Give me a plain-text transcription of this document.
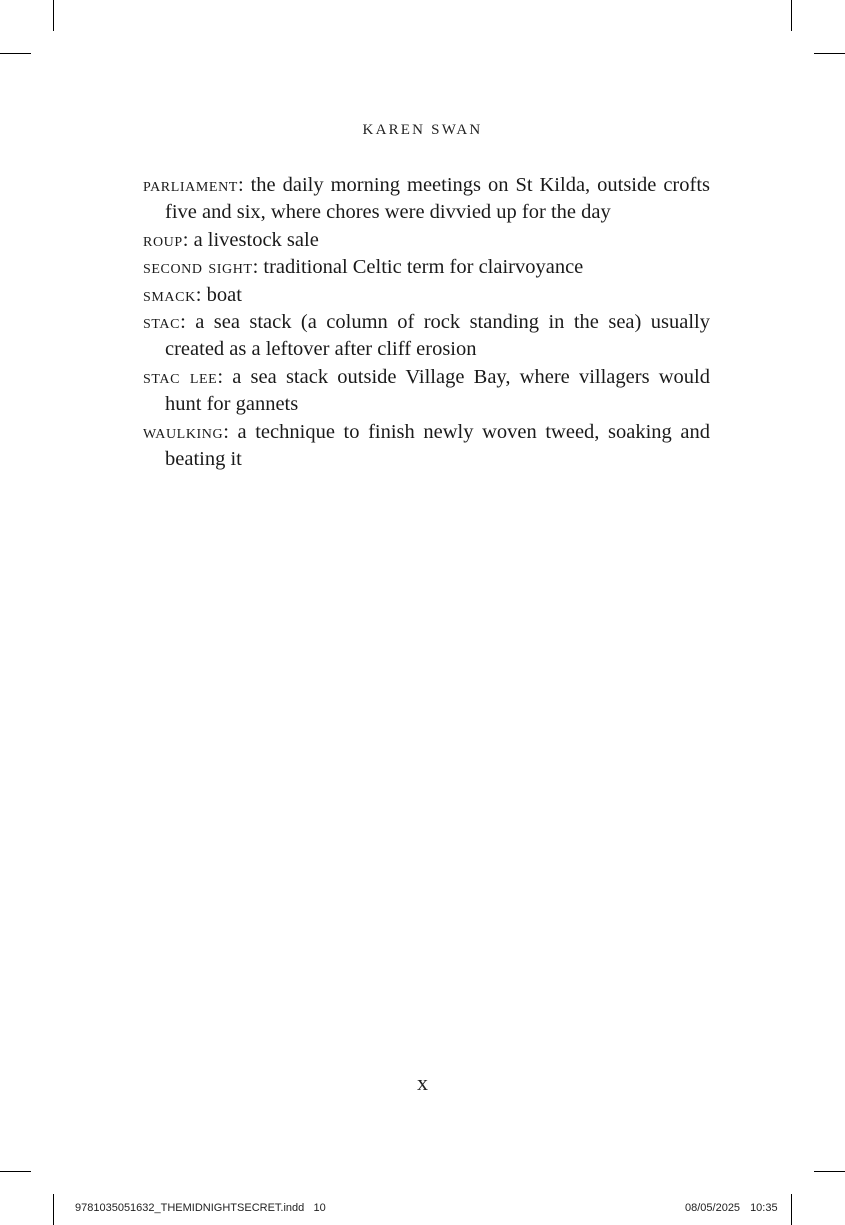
KAREN SWAN
parliament: the daily morning meetings on St Kilda, outside crofts five and six, where chores were divvied up for the day
roup: a livestock sale
second sight: traditional Celtic term for clairvoyance
smack: boat
stac: a sea stack (a column of rock standing in the sea) usually created as a leftover after cliff erosion
stac lee: a sea stack outside Village Bay, where villagers would hunt for gannets
waulking: a technique to finish newly woven tweed, soaking and beating it
x
9781035051632_THEMIDNIGHTSECRET.indd   10	08/05/2025 10:35
